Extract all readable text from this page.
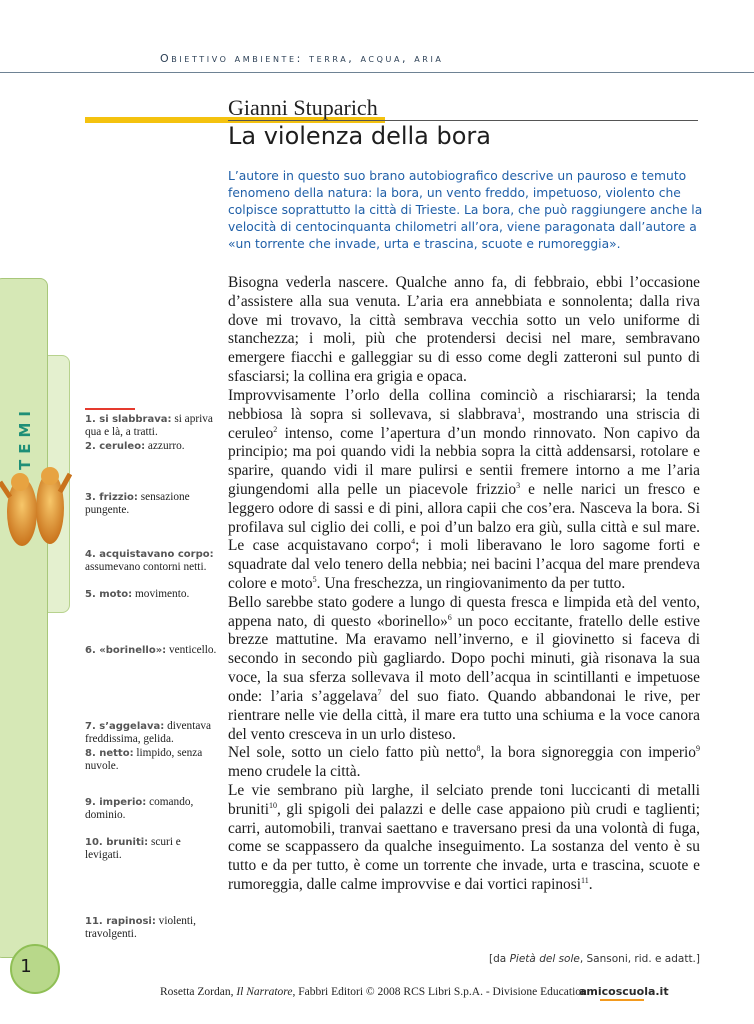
Obiettivo ambiente: terra, acqua, aria
Gianni Stuparich
La violenza della bora
L’autore in questo suo brano autobiografico descrive un pauroso e temuto fenomeno della natura: la bora, un vento freddo, impetuoso, violento che colpisce soprattutto la città di Trieste. La bora, che può raggiungere anche la velocità di centocinquanta chilometri all’ora, viene paragonata dall’autore a «un torrente che invade, urta e trascina, scuote e rumoreggia».
TEMI
1
1. si slabbrava: si apriva qua e là, a tratti.
2. ceruleo: azzurro.
3. frizzio: sensazione pungente.
4. acquistavano corpo: assumevano contorni netti.
5. moto: movimento.
6. «borinello»: venticello.
7. s’aggelava: diventava freddissima, gelida.
8. netto: limpido, senza nuvole.
9. imperio: comando, dominio.
10. bruniti: scuri e levigati.
11. rapinosi: violenti, travolgenti.

Bisogna vederla nascere. Qualche anno fa, di febbraio, ebbi l’occasione d’assistere alla sua venuta. L’aria era annebbiata e sonnolenta; dalla riva dove mi trovavo, la città sembrava vecchia sotto un velo uniforme di stanchezza; i moli, più che protendersi decisi nel mare, sembravano emergere fiacchi e galleggiar su di esso come degli zatteroni sul punto di sfasciarsi; la collina era grigia e opaca.

Improvvisamente l’orlo della collina cominciò a rischiararsi; la tenda nebbiosa là sopra si sollevava, si slabbrava$^1$, mostrando una striscia di ceruleo$^2$ intenso, come l’apertura d’un mondo rinnovato. Non capivo da principio; ma poi quando vidi la nebbia sopra la città addensarsi, rotolare e sparire, quando vidi il mare pulirsi e sentii fremere intorno a me l’aria giungendomi alla pelle un piacevole frizzio$^3$ e nelle narici un fresco e leggero odore di sassi e di pini, allora capii che cos’era. Nasceva la bora. Si profilava sul ciglio dei colli, e poi d’un balzo era giù, sulla città e sul mare. Le case acquistavano corpo$^4$; i moli liberavano le loro sagome forti e squadrate dal velo tenero della nebbia; nei bacini l’acqua del mare prendeva colore e moto$^5$. Una freschezza, un ringiovanimento da per tutto.

Bello sarebbe stato godere a lungo di questa fresca e limpida età del vento, appena nato, di questo «borinello»$^6$ un poco eccitante, fratello delle estive brezze mattutine. Ma eravamo nell’inverno, e il giovinetto si faceva di secondo in secondo più gagliardo. Dopo pochi minuti, già risonava la sua voce, la sua sferza sollevava il moto dell’acqua in scintillanti e impetuose onde: l’aria s’aggelava$^7$ del suo fiato. Quando abbandonai le rive, per rientrare nelle vie della città, il mare era tutto una schiuma e la voce canora del vento cresceva in un urlo disteso.

Nel sole, sotto un cielo fatto più netto$^8$, la bora signoreggia con imperio$^9$ meno crudele la città.

Le vie sembrano più larghe, il selciato prende toni luccicanti di metalli bruniti$^{10}$, gli spigoli dei palazzi e delle case appaiono più crudi e taglienti; carri, automobili, tranvai saettano e traversano presi da una volontà di fuga, come se scappassero da qualche inseguimento. La sostanza del vento è su tutto e da per tutto, è come un torrente che invade, urta e trascina, scuote e rumoreggia, dalle calme improvvise e dai vortici rapinosi$^{11}$.

[da Pietà del sole, Sansoni, rid. e adatt.]
Rosetta Zordan, Il Narratore, Fabbri Editori © 2008 RCS Libri S.p.A. - Divisione Education
amicoscuola.it
